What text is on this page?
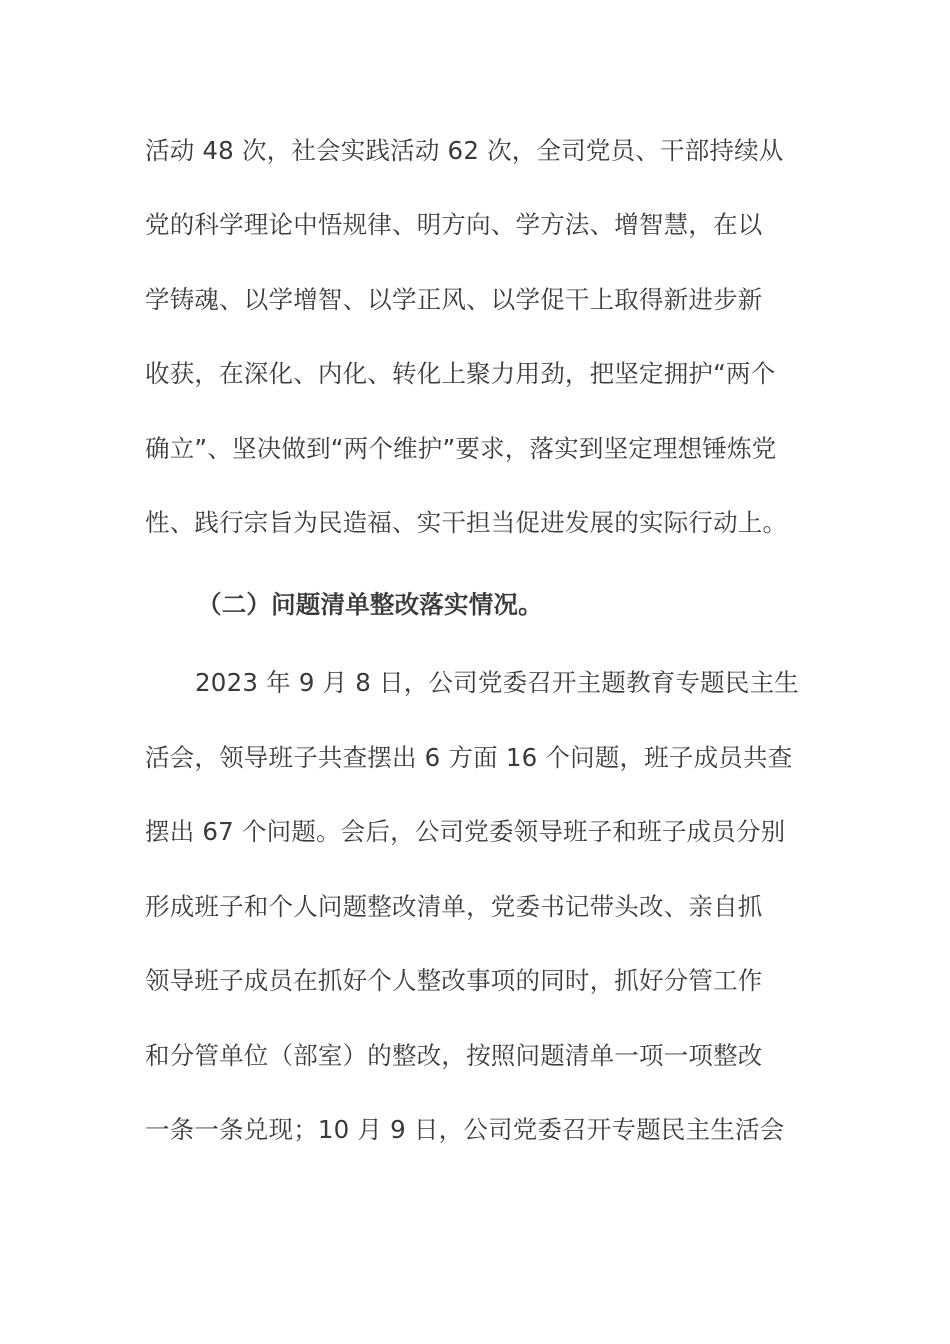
活动 48 次，社会实践活动 62 次，全司党员、干部持续从
党的科学理论中悟规律、明方向、学方法、增智慧，在以
学铸魂、以学增智、以学正风、以学促干上取得新进步新
收获，在深化、内化、转化上聚力用劲，把坚定拥护“两个
确立”、坚决做到“两个维护”要求，落实到坚定理想锤炼党
性、践行宗旨为民造福、实干担当促进发展的实际行动上。
（二）问题清单整改落实情况。
2023 年 9 月 8 日，公司党委召开主题教育专题民主生
活会，领导班子共查摆出 6 方面 16 个问题，班子成员共查
摆出 67 个问题。会后，公司党委领导班子和班子成员分别
形成班子和个人问题整改清单，党委书记带头改、亲自抓
领导班子成员在抓好个人整改事项的同时，抓好分管工作
和分管单位（部室）的整改，按照问题清单一项一项整改
一条一条兑现；10 月 9 日，公司党委召开专题民主生活会
